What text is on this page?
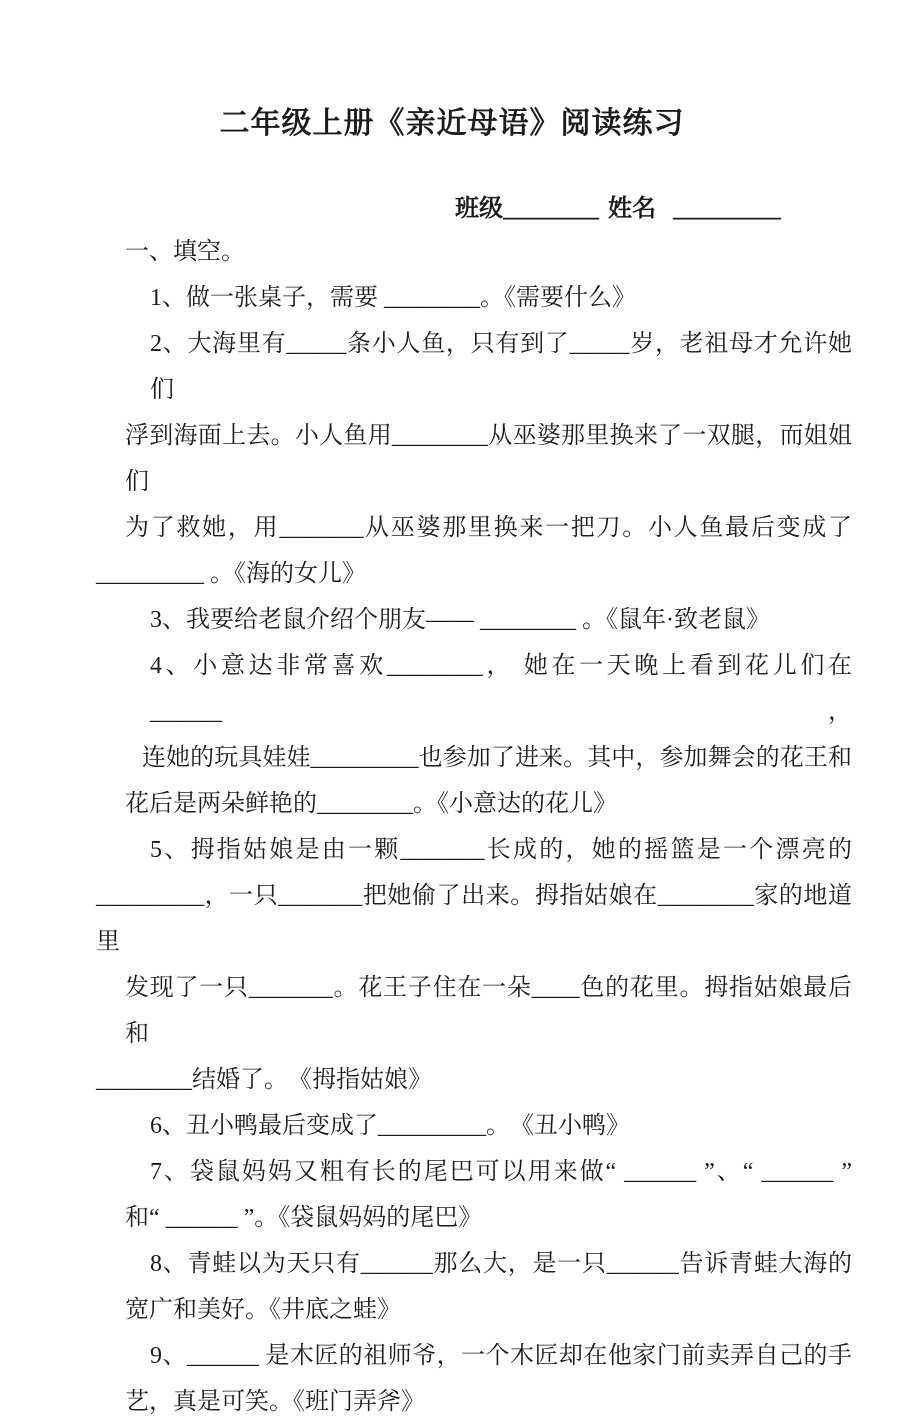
二年级上册《亲近母语》阅读练习
班级________ 姓名 _________
一、填空。
1、做一张桌子，需要 ________。《需要什么》
2、大海里有_____条小人鱼，只有到了_____岁，老祖母才允许她们
浮到海面上去。小人鱼用________从巫婆那里换来了一双腿，而姐姐们
为了救她，用_______从巫婆那里换来一把刀。小人鱼最后变成了
_________ 。《海的女儿》
3、我要给老鼠介绍个朋友—— ________ 。《鼠年·致老鼠》
4、小意达非常喜欢________， 她在一天晚上看到花儿们在______，
连她的玩具娃娃_________也参加了进来。其中，参加舞会的花王和
花后是两朵鲜艳的________。《小意达的花儿》
5、拇指姑娘是由一颗_______长成的，她的摇篮是一个漂亮的
_________，一只_______把她偷了出来。拇指姑娘在________家的地道里
发现了一只_______。花王子住在一朵____色的花里。拇指姑娘最后和
________结婚了。　《拇指姑娘》
6、丑小鸭最后变成了_________。　《丑小鸭》
7、袋鼠妈妈又粗有长的尾巴可以用来做“ ______ ”、“ ______ ”
和“ ______ ”。《袋鼠妈妈的尾巴》
8、青蛙以为天只有______那么大，是一只______告诉青蛙大海的
宽广和美好。《井底之蛙》
9、______ 是木匠的祖师爷，一个木匠却在他家门前卖弄自己的手
艺，真是可笑。《班门弄斧》
